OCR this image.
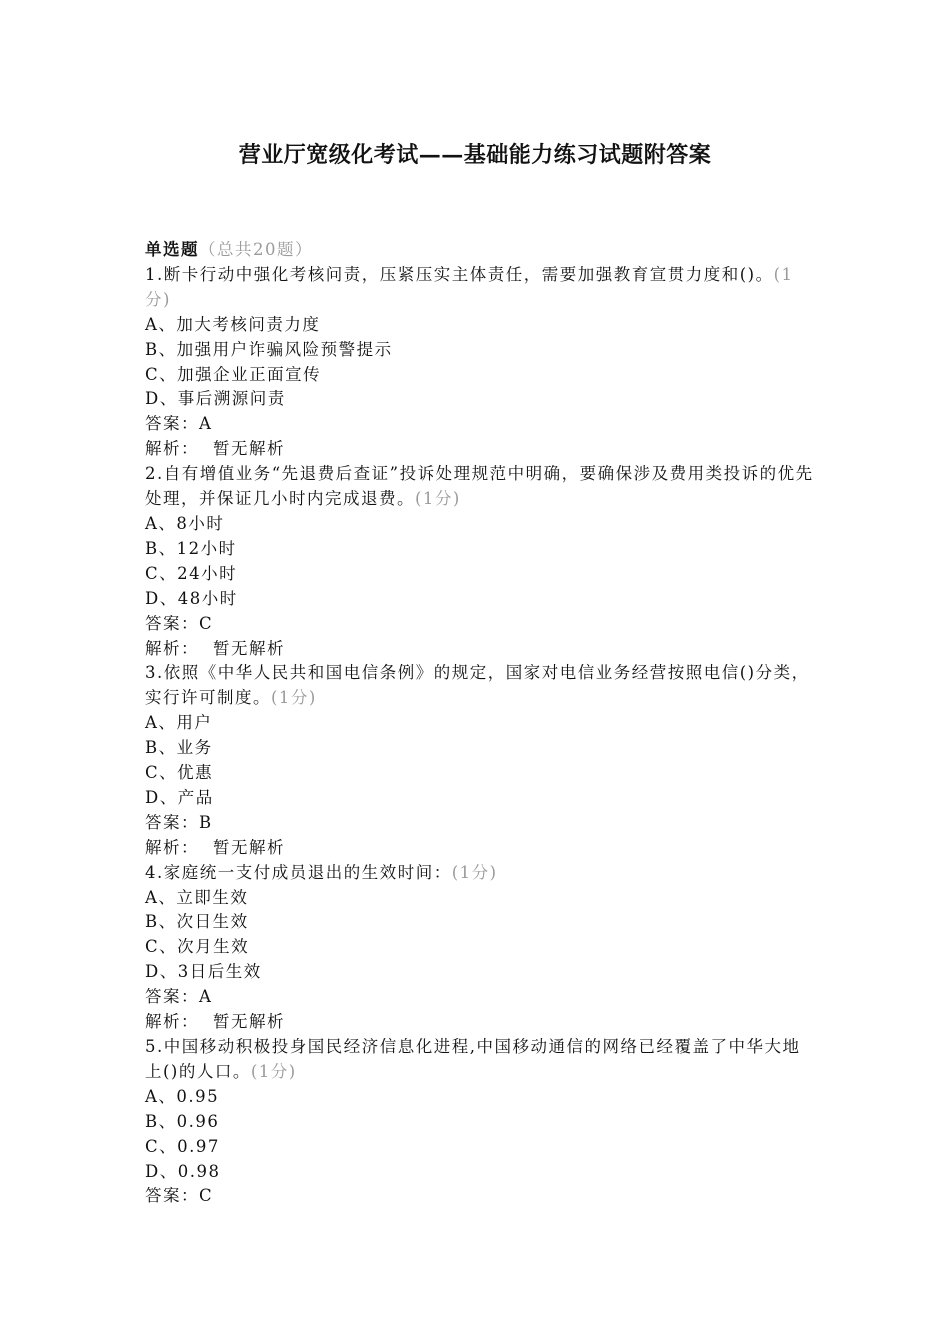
营业厅宽级化考试——基础能力练习试题附答案
单选题（总共20题）
1.断卡行动中强化考核问责，压紧压实主体责任，需要加强教育宣贯力度和()。(1分)
A、加大考核问责力度
B、加强用户诈骗风险预警提示
C、加强企业正面宣传
D、事后溯源问责
答案：A
解析： 暂无解析
2.自有增值业务“先退费后查证”投诉处理规范中明确，要确保涉及费用类投诉的优先处理，并保证几小时内完成退费。(1分)
A、8小时
B、12小时
C、24小时
D、48小时
答案：C
解析： 暂无解析
3.依照《中华人民共和国电信条例》的规定，国家对电信业务经营按照电信()分类，实行许可制度。(1分)
A、用户
B、业务
C、优惠
D、产品
答案：B
解析： 暂无解析
4.家庭统一支付成员退出的生效时间：(1分)
A、立即生效
B、次日生效
C、次月生效
D、3日后生效
答案：A
解析： 暂无解析
5.中国移动积极投身国民经济信息化进程,中国移动通信的网络已经覆盖了中华大地上()的人口。(1分)
A、0.95
B、0.96
C、0.97
D、0.98
答案：C
